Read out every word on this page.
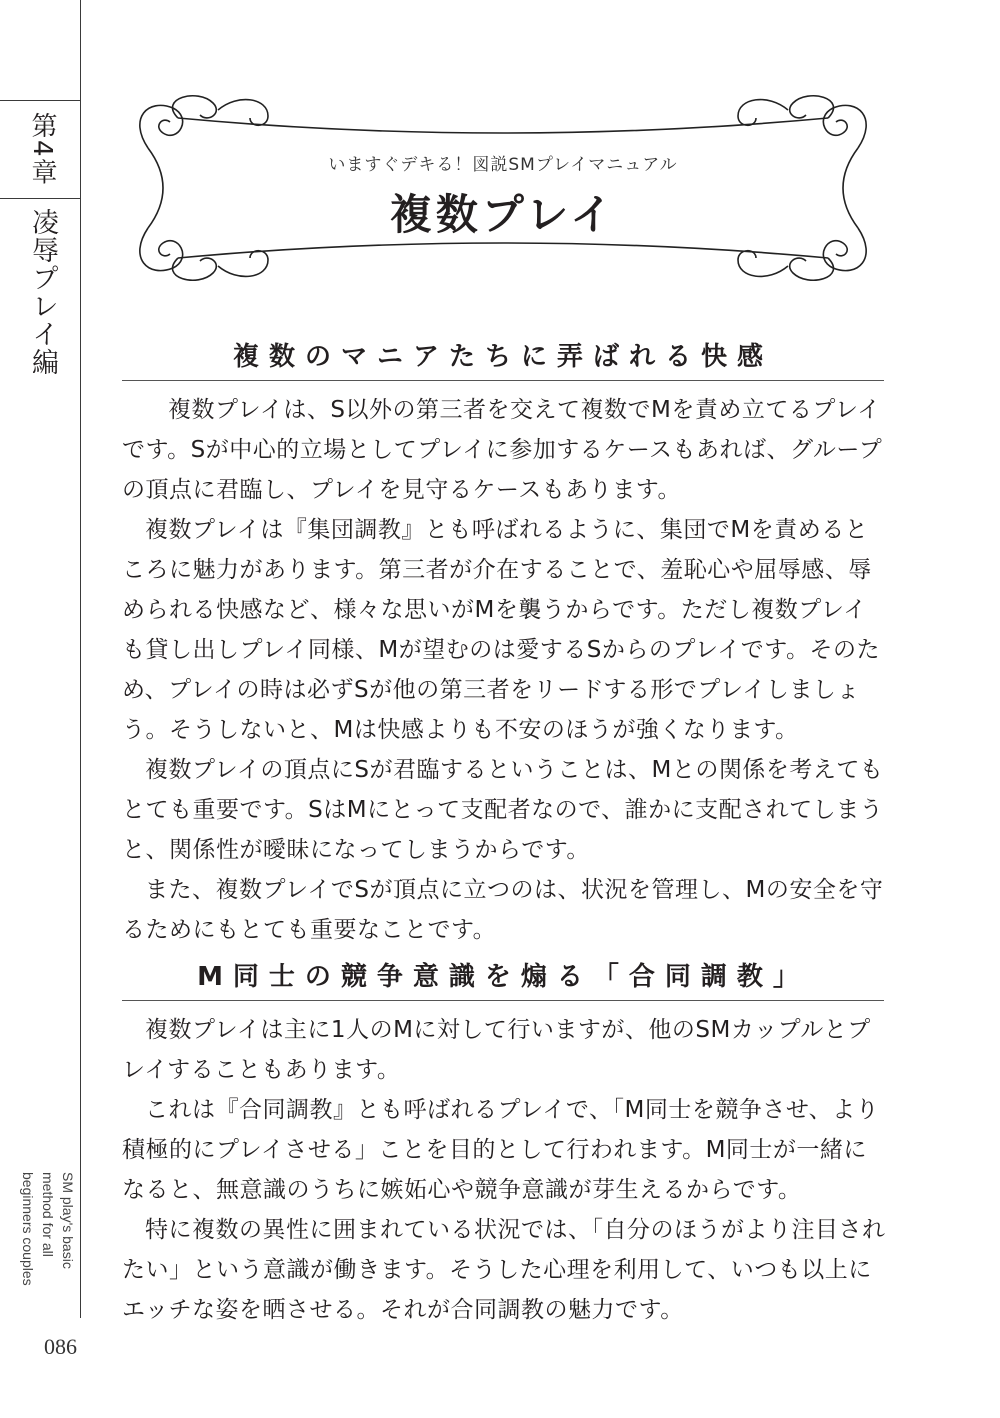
第4章
凌辱プレイ編
SM play's basic method for all beginners couples
086
いますぐデキる！図説SMプレイマニュアル
複数プレイ
複数のマニアたちに弄ばれる快感

複数プレイは、S以外の第三者を交えて複数でMを責め立てるプレイです。Sが中心的立場としてプレイに参加するケースもあれば、グループの頂点に君臨し、プレイを見守るケースもあります。

複数プレイは『集団調教』とも呼ばれるように、集団でMを責めるところに魅力があります。第三者が介在することで、羞恥心や屈辱感、辱められる快感など、様々な思いがMを襲うからです。ただし複数プレイも貸し出しプレイ同様、Mが望むのは愛するSからのプレイです。そのため、プレイの時は必ずSが他の第三者をリードする形でプレイしましょう。そうしないと、Mは快感よりも不安のほうが強くなります。

複数プレイの頂点にSが君臨するということは、Mとの関係を考えてもとても重要です。SはMにとって支配者なので、誰かに支配されてしまうと、関係性が曖昧になってしまうからです。

また、複数プレイでSが頂点に立つのは、状況を管理し、Mの安全を守るためにもとても重要なことです。

M同士の競争意識を煽る「合同調教」

複数プレイは主に1人のMに対して行いますが、他のSMカップルとプレイすることもあります。

これは『合同調教』とも呼ばれるプレイで、「M同士を競争させ、より積極的にプレイさせる」ことを目的として行われます。M同士が一緒になると、無意識のうちに嫉妬心や競争意識が芽生えるからです。

特に複数の異性に囲まれている状況では、「自分のほうがより注目されたい」という意識が働きます。そうした心理を利用して、いつも以上にエッチな姿を晒させる。それが合同調教の魅力です。
